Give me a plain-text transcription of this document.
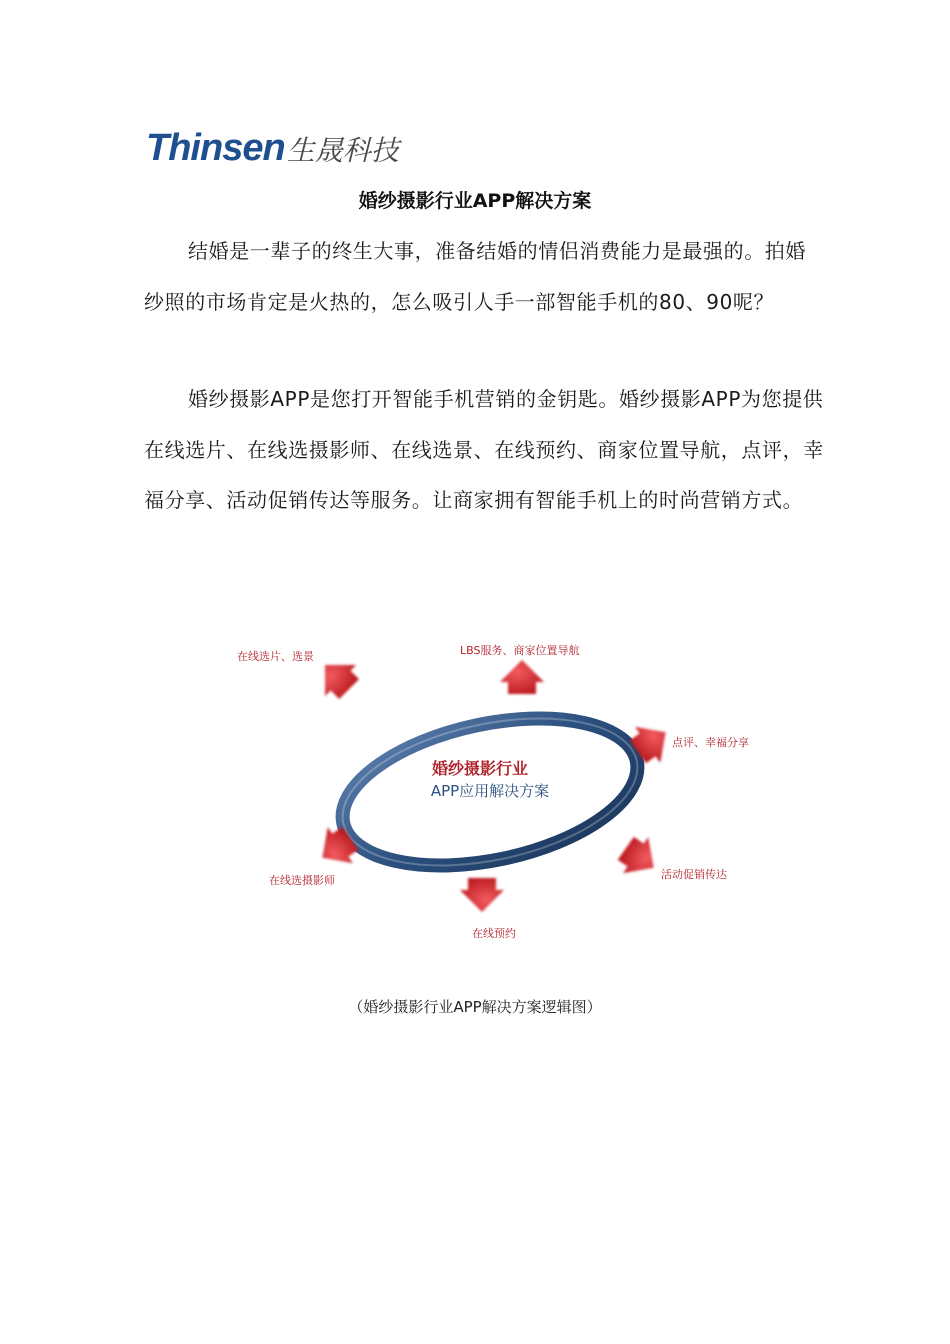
Thinsen 生晟科技
婚纱摄影行业APP解决方案

结婚是一辈子的终生大事，准备结婚的情侣消费能力是最强的。拍婚纱照的市场肯定是火热的，怎么吸引人手一部智能手机的80、90呢？

婚纱摄影APP是您打开智能手机营销的金钥匙。婚纱摄影APP为您提供在线选片、在线选摄影师、在线选景、在线预约、商家位置导航，点评，幸福分享、活动促销传达等服务。让商家拥有智能手机上的时尚营销方式。

婚纱摄影行业
APP应用解决方案
在线选片、选景	LBS服务、商家位置导航
点评、幸福分享
活动促销传达
在线预约
在线选摄影师
（婚纱摄影行业APP解决方案逻辑图）
